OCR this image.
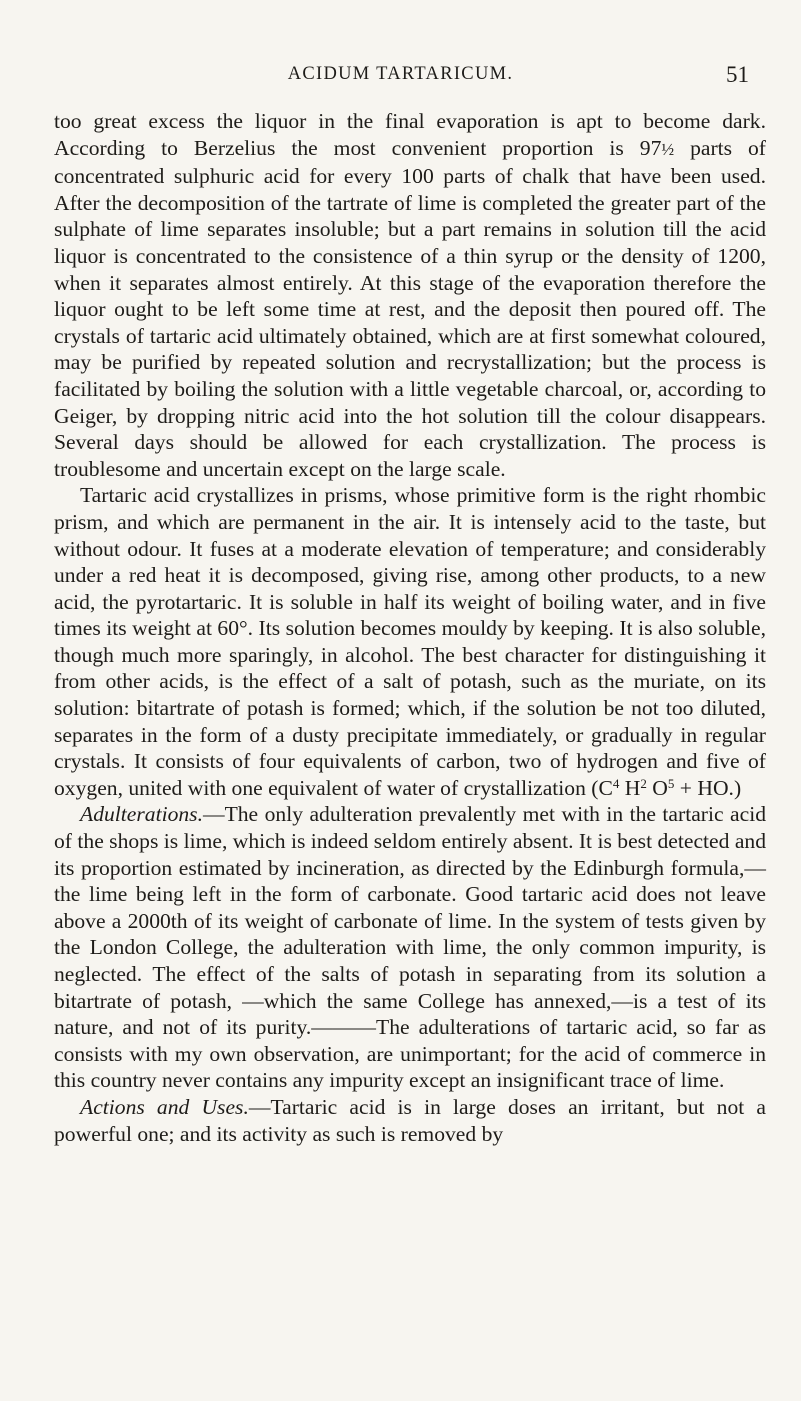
ACIDUM TARTARICUM.	51

too great excess the liquor in the final evaporation is apt to become dark. According to Berzelius the most convenient proportion is 97½ parts of concentrated sulphuric acid for every 100 parts of chalk that have been used. After the decomposition of the tartrate of lime is completed the greater part of the sulphate of lime separates insoluble; but a part remains in solution till the acid liquor is concentrated to the consistence of a thin syrup or the density of 1200, when it separates almost entirely. At this stage of the evaporation therefore the liquor ought to be left some time at rest, and the deposit then poured off. The crystals of tartaric acid ultimately obtained, which are at first somewhat coloured, may be purified by repeated solution and recrystallization; but the process is facilitated by boiling the solution with a little vegetable charcoal, or, according to Geiger, by dropping nitric acid into the hot solution till the colour disappears. Several days should be allowed for each crystallization. The process is troublesome and uncertain except on the large scale.

Tartaric acid crystallizes in prisms, whose primitive form is the right rhombic prism, and which are permanent in the air. It is intensely acid to the taste, but without odour. It fuses at a moderate elevation of temperature; and considerably under a red heat it is decomposed, giving rise, among other products, to a new acid, the pyrotartaric. It is soluble in half its weight of boiling water, and in five times its weight at 60°. Its solution becomes mouldy by keeping. It is also soluble, though much more sparingly, in alcohol. The best character for distinguishing it from other acids, is the effect of a salt of potash, such as the muriate, on its solution: bitartrate of potash is formed; which, if the solution be not too diluted, separates in the form of a dusty precipitate immediately, or gradually in regular crystals. It consists of four equivalents of carbon, two of hydrogen and five of oxygen, united with one equivalent of water of crystallization ($C^4$ $H^2$ $O^5 + HO$.)

Adulterations.—The only adulteration prevalently met with in the tartaric acid of the shops is lime, which is indeed seldom entirely absent. It is best detected and its proportion estimated by incineration, as directed by the Edinburgh formula,—the lime being left in the form of carbonate. Good tartaric acid does not leave above a 2000th of its weight of carbonate of lime. In the system of tests given by the London College, the adulteration with lime, the only common impurity, is neglected. The effect of the salts of potash in separating from its solution a bitartrate of potash, —which the same College has annexed,—is a test of its nature, and not of its purity.———The adulterations of tartaric acid, so far as consists with my own observation, are unimportant; for the acid of commerce in this country never contains any impurity except an insignificant trace of lime.

Actions and Uses.—Tartaric acid is in large doses an irritant, but not a powerful one; and its activity as such is removed by
